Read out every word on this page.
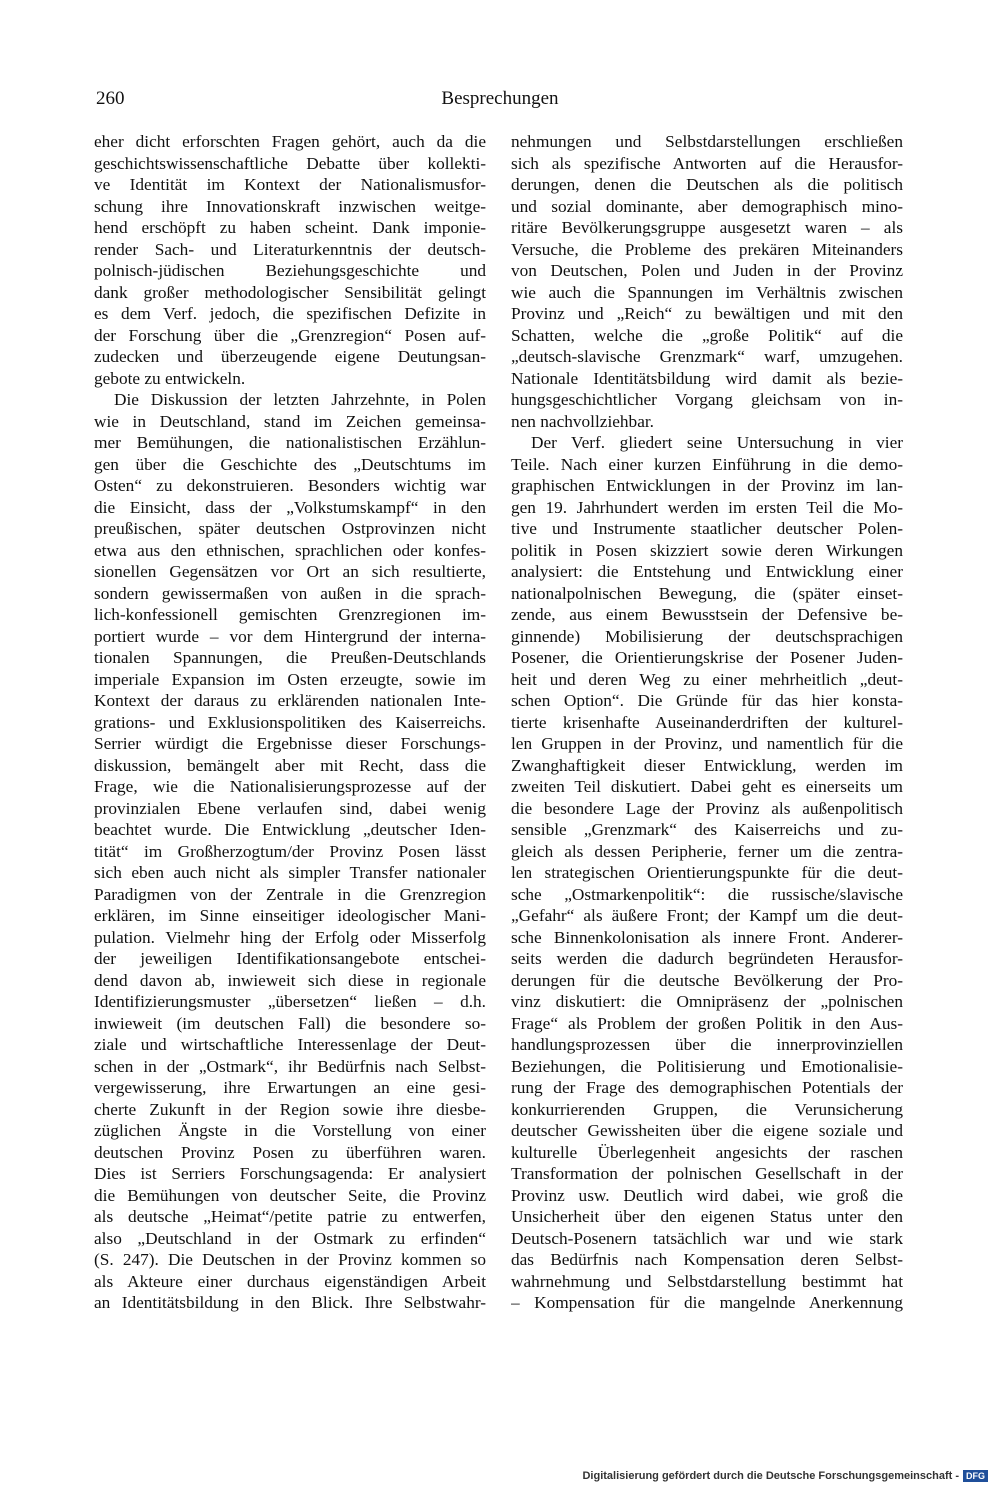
Besprechungen
260
eher dicht erforschten Fragen gehört, auch da die
geschichtswissenschaftliche Debatte über kollekti-
ve Identität im Kontext der Nationalismusfor-
schung ihre Innovationskraft inzwischen weitge-
hend erschöpft zu haben scheint. Dank imponie-
render Sach- und Literaturkenntnis der deutsch-
polnisch-jüdischen Beziehungsgeschichte und
dank großer methodologischer Sensibilität gelingt
es dem Verf. jedoch, die spezifischen Defizite in
der Forschung über die „Grenzregion“ Posen auf-
zudecken und überzeugende eigene Deutungsan-
gebote zu entwickeln.
Die Diskussion der letzten Jahrzehnte, in Polen
wie in Deutschland, stand im Zeichen gemeinsa-
mer Bemühungen, die nationalistischen Erzählun-
gen über die Geschichte des „Deutschtums im
Osten“ zu dekonstruieren. Besonders wichtig war
die Einsicht, dass der „Volkstumskampf“ in den
preußischen, später deutschen Ostprovinzen nicht
etwa aus den ethnischen, sprachlichen oder konfes-
sionellen Gegensätzen vor Ort an sich resultierte,
sondern gewissermaßen von außen in die sprach-
lich-konfessionell gemischten Grenzregionen im-
portiert wurde – vor dem Hintergrund der interna-
tionalen Spannungen, die Preußen-Deutschlands
imperiale Expansion im Osten erzeugte, sowie im
Kontext der daraus zu erklärenden nationalen Inte-
grations- und Exklusionspolitiken des Kaiserreichs.
Serrier würdigt die Ergebnisse dieser Forschungs-
diskussion, bemängelt aber mit Recht, dass die
Frage, wie die Nationalisierungsprozesse auf der
provinzialen Ebene verlaufen sind, dabei wenig
beachtet wurde. Die Entwicklung „deutscher Iden-
tität“ im Großherzogtum/der Provinz Posen lässt
sich eben auch nicht als simpler Transfer nationaler
Paradigmen von der Zentrale in die Grenzregion
erklären, im Sinne einseitiger ideologischer Mani-
pulation. Vielmehr hing der Erfolg oder Misserfolg
der jeweiligen Identifikationsangebote entschei-
dend davon ab, inwieweit sich diese in regionale
Identifizierungsmuster „übersetzen“ ließen – d.h.
inwieweit (im deutschen Fall) die besondere so-
ziale und wirtschaftliche Interessenlage der Deut-
schen in der „Ostmark“, ihr Bedürfnis nach Selbst-
vergewisserung, ihre Erwartungen an eine gesi-
cherte Zukunft in der Region sowie ihre diesbe-
züglichen Ängste in die Vorstellung von einer
deutschen Provinz Posen zu überführen waren.
Dies ist Serriers Forschungsagenda: Er analysiert
die Bemühungen von deutscher Seite, die Provinz
als deutsche „Heimat“/petite patrie zu entwerfen,
also „Deutschland in der Ostmark zu erfinden“
(S. 247). Die Deutschen in der Provinz kommen so
als Akteure einer durchaus eigenständigen Arbeit
an Identitätsbildung in den Blick. Ihre Selbstwahr-
nehmungen und Selbstdarstellungen erschließen
sich als spezifische Antworten auf die Herausfor-
derungen, denen die Deutschen als die politisch
und sozial dominante, aber demographisch mino-
ritäre Bevölkerungsgruppe ausgesetzt waren – als
Versuche, die Probleme des prekären Miteinanders
von Deutschen, Polen und Juden in der Provinz
wie auch die Spannungen im Verhältnis zwischen
Provinz und „Reich“ zu bewältigen und mit den
Schatten, welche die „große Politik“ auf die
„deutsch-slavische Grenzmark“ warf, umzugehen.
Nationale Identitätsbildung wird damit als bezie-
hungsgeschichtlicher Vorgang gleichsam von in-
nen nachvollziehbar.
Der Verf. gliedert seine Untersuchung in vier
Teile. Nach einer kurzen Einführung in die demo-
graphischen Entwicklungen in der Provinz im lan-
gen 19. Jahrhundert werden im ersten Teil die Mo-
tive und Instrumente staatlicher deutscher Polen-
politik in Posen skizziert sowie deren Wirkungen
analysiert: die Entstehung und Entwicklung einer
nationalpolnischen Bewegung, die (später einset-
zende, aus einem Bewusstsein der Defensive be-
ginnende) Mobilisierung der deutschsprachigen
Posener, die Orientierungskrise der Posener Juden-
heit und deren Weg zu einer mehrheitlich „deut-
schen Option“. Die Gründe für das hier konsta-
tierte krisenhafte Auseinanderdriften der kulturel-
len Gruppen in der Provinz, und namentlich für die
Zwanghaftigkeit dieser Entwicklung, werden im
zweiten Teil diskutiert. Dabei geht es einerseits um
die besondere Lage der Provinz als außenpolitisch
sensible „Grenzmark“ des Kaiserreichs und zu-
gleich als dessen Peripherie, ferner um die zentra-
len strategischen Orientierungspunkte für die deut-
sche „Ostmarkenpolitik“: die russische/slavische
„Gefahr“ als äußere Front; der Kampf um die deut-
sche Binnenkolonisation als innere Front. Anderer-
seits werden die dadurch begründeten Herausfor-
derungen für die deutsche Bevölkerung der Pro-
vinz diskutiert: die Omnipräsenz der „polnischen
Frage“ als Problem der großen Politik in den Aus-
handlungsprozessen über die innerprovinziellen
Beziehungen, die Politisierung und Emotionalisie-
rung der Frage des demographischen Potentials der
konkurrierenden Gruppen, die Verunsicherung
deutscher Gewissheiten über die eigene soziale und
kulturelle Überlegenheit angesichts der raschen
Transformation der polnischen Gesellschaft in der
Provinz usw. Deutlich wird dabei, wie groß die
Unsicherheit über den eigenen Status unter den
Deutsch-Posenern tatsächlich war und wie stark
das Bedürfnis nach Kompensation deren Selbst-
wahrnehmung und Selbstdarstellung bestimmt hat
– Kompensation für die mangelnde Anerkennung
Digitalisierung gefördert durch die Deutsche Forschungsgemeinschaft - DFG
